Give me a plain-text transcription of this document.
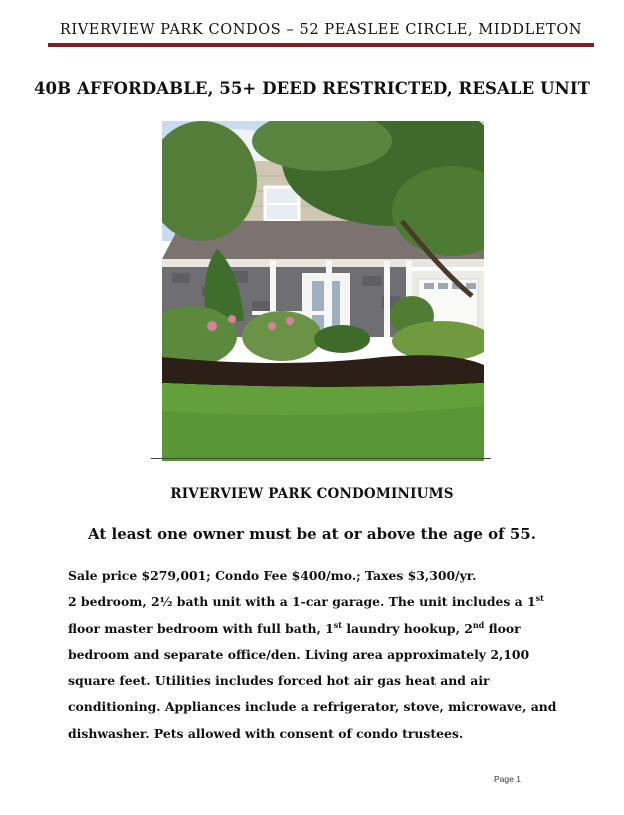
RIVERVIEW PARK CONDOS – 52 PEASLEE CIRCLE, MIDDLETON
40B AFFORDABLE, 55+ DEED RESTRICTED, RESALE UNIT
RIVERVIEW PARK CONDOMINIUMS
At least one owner must be at or above the age of 55.

Sale price $279,001; Condo Fee $400/mo.; Taxes $3,300/yr.

2 bedroom, 2½ bath unit with a 1-car garage. The unit includes a 1st floor master bedroom with full bath, 1st laundry hookup, 2nd floor bedroom and separate office/den. Living area approximately 2,100 square feet. Utilities includes forced hot air gas heat and air conditioning. Appliances include a refrigerator, stove, microwave, and dishwasher. Pets allowed with consent of condo trustees.

Page 1
